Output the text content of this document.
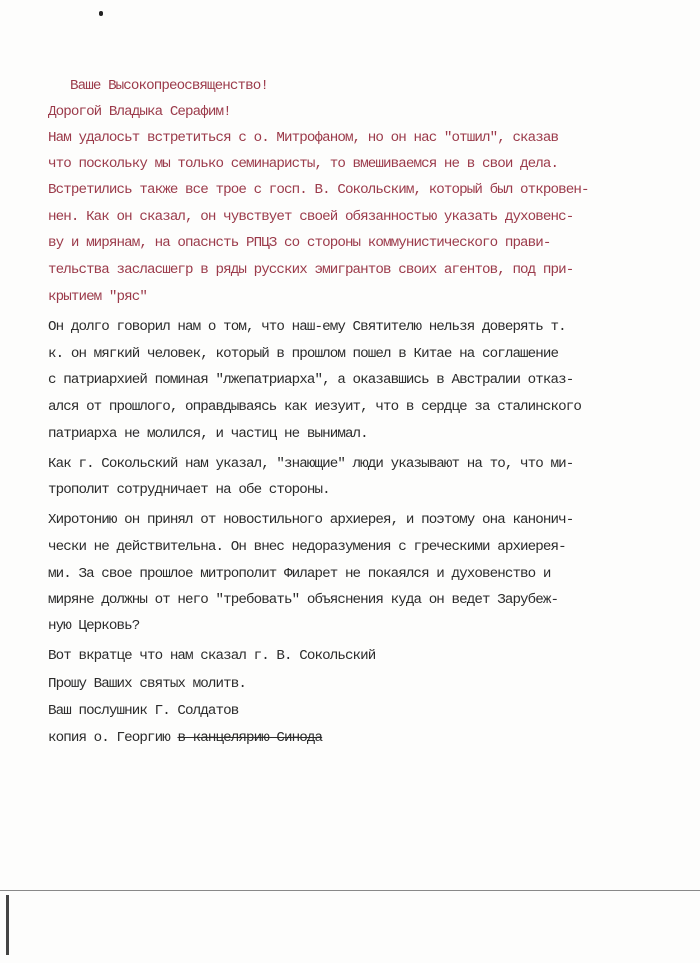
Ваше Высокопреосвященство!
Дорогой Владыка Серафим!
Нам удалосьт встретиться с о. Митрофаном, но он нас "отшил", сказав
что поскольку мы только семинаристы, то вмешиваемся не в свои дела.
Встретились также все трое с госп. В. Сокольским, который был откровен-
нен. Как он сказал, он чувствует своей обязанностью указать духовенс-
ву и мирянам, на опаснсть РПЦЗ со стороны коммунистического прави-
тельства засласшегр в ряды русских эмигрантов своих агентов, под при-
крытием "ряс"
Он долго говорил нам о том, что наш-ему Святителю нельзя доверять т.
к. он мягкий человек, который в прошлом пошел в Китае на соглашение
с патриархией поминая "лжепатриарха", а оказавшись в Австралии отказ-
ался от прошлого, оправдываясь как иезуит, что в сердце за сталинского
патриарха не молился, и частиц не вынимал.
Как г. Сокольский нам указал, "знающие" люди указывают на то, что ми-
трополит сотрудничает на обе стороны.
Хиротонию он принял от новостильного архиерея, и поэтому она канонич-
чески не действительна. Он внес недоразумения с греческими архиерея-
ми. За свое прошлое митрополит Филарет не покаялся и духовенство и
миряне должны от него "требовать" объяснения куда он ведет Зарубеж-
ную Церковь?
Вот вкратце что нам сказал г. В. Сокольский
Прошу Ваших святых молитв.
Ваш послушник Г. Солдатов
копия о. Георгию в канцелярию Синода
